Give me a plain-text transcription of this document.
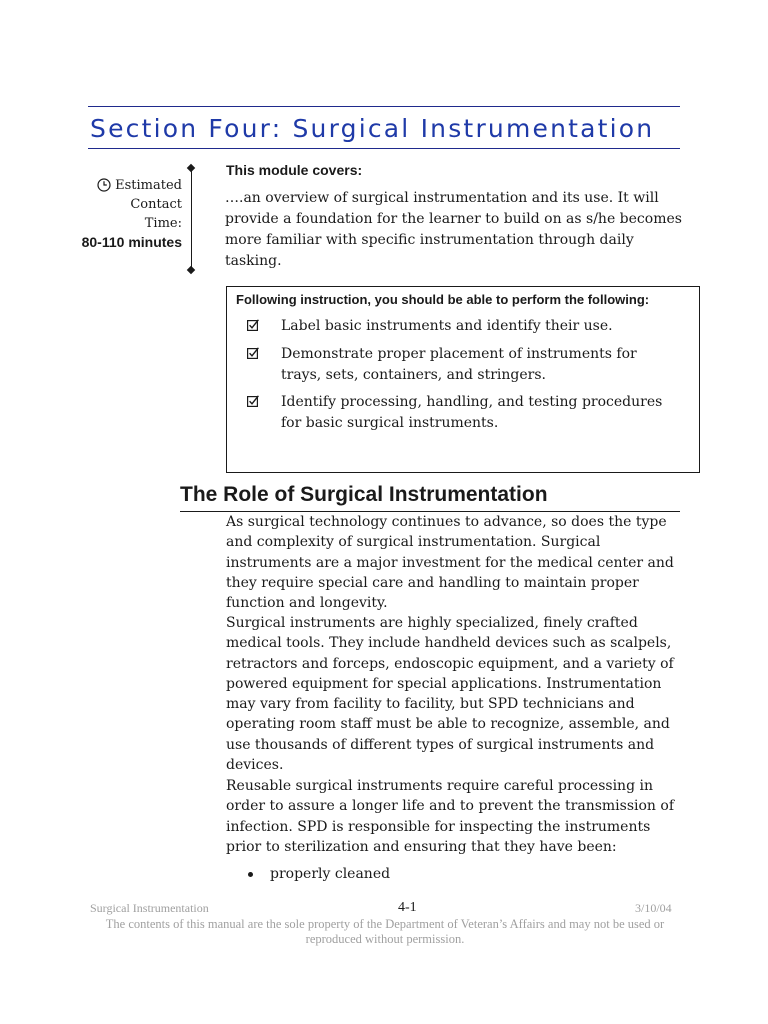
Section Four: Surgical Instrumentation
Estimated
Contact
Time:
80-110 minutes
This module covers:
….an overview of surgical instrumentation and its use. It will provide a foundation for the learner to build on as s/he becomes more familiar with specific instrumentation through daily tasking.
Following instruction, you should be able to perform the following:
Label basic instruments and identify their use.
Demonstrate proper placement of instruments for trays, sets, containers, and stringers.
Identify processing, handling, and testing procedures for basic surgical instruments.
The Role of Surgical Instrumentation
As surgical technology continues to advance, so does the type and complexity of surgical instrumentation. Surgical instruments are a major investment for the medical center and they require special care and handling to maintain proper function and longevity.
Surgical instruments are highly specialized, finely crafted medical tools. They include handheld devices such as scalpels, retractors and forceps, endoscopic equipment, and a variety of powered equipment for special applications. Instrumentation may vary from facility to facility, but SPD technicians and operating room staff must be able to recognize, assemble, and use thousands of different types of surgical instruments and devices.
Reusable surgical instruments require careful processing in order to assure a longer life and to prevent the transmission of infection. SPD is responsible for inspecting the instruments prior to sterilization and ensuring that they have been:
properly cleaned
Surgical Instrumentation	4-1	3/10/04
The contents of this manual are the sole property of the Department of Veteran’s Affairs and may not be used or reproduced without permission.
